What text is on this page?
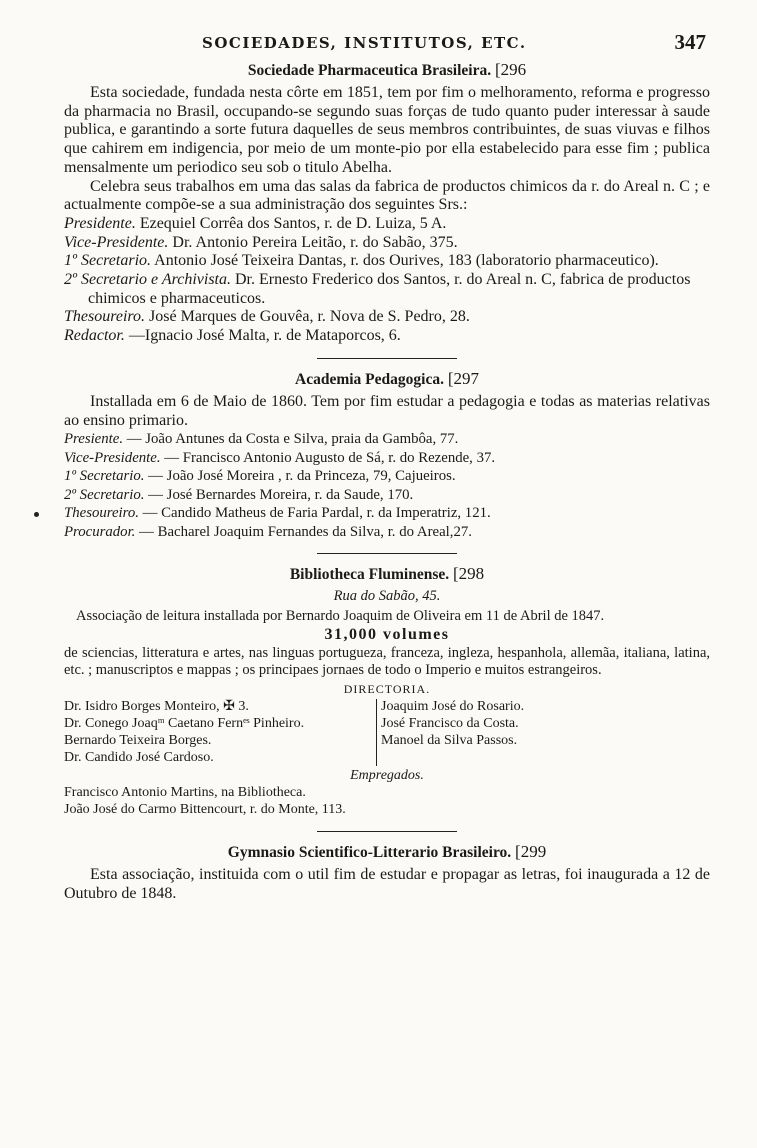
SOCIEDADES, INSTITUTOS, ETC.	347
Sociedade Pharmaceutica Brasileira. [296

Esta sociedade, fundada nesta côrte em 1851, tem por fim o melhoramento, reforma e progresso da pharmacia no Brasil, occupando-se segundo suas forças de tudo quanto puder interessar à saude publica, e garantindo a sorte futura daquelles de seus membros contribuintes, de suas viuvas e filhos que cahirem em indigencia, por meio de um monte-pio por ella estabelecido para esse fim ; publica mensalmente um periodico seu sob o titulo Abelha.

Celebra seus trabalhos em uma das salas da fabrica de productos chimicos da r. do Areal n. C ; e actualmente compõe-se a sua administração dos seguintes Srs.:

Presidente. Ezequiel Corrêa dos Santos, r. de D. Luiza, 5 A.

Vice-Presidente. Dr. Antonio Pereira Leitão, r. do Sabão, 375.

1º Secretario. Antonio José Teixeira Dantas, r. dos Ourives, 183 (laboratorio pharmaceutico).

2º Secretario e Archivista. Dr. Ernesto Frederico dos Santos, r. do Areal n. C, fabrica de productos chimicos e pharmaceuticos.

Thesoureiro. José Marques de Gouvêa, r. Nova de S. Pedro, 28.

Redactor. —Ignacio José Malta, r. de Mataporcos, 6.

Academia Pedagogica. [297

Installada em 6 de Maio de 1860. Tem por fim estudar a pedagogia e todas as materias relativas ao ensino primario.

Presiente. — João Antunes da Costa e Silva, praia da Gambôa, 77.

Vice-Presidente. — Francisco Antonio Augusto de Sá, r. do Rezende, 37.

1º Secretario. — João José Moreira , r. da Princeza, 79, Cajueiros.

2º Secretario. — José Bernardes Moreira, r. da Saude, 170.

Thesoureiro. — Candido Matheus de Faria Pardal, r. da Imperatriz, 121.

Procurador. — Bacharel Joaquim Fernandes da Silva, r. do Areal,27.

Bibliotheca Fluminense. [298

Rua do Sabão, 45.

Associação de leitura installada por Bernardo Joaquim de Oliveira em 11 de Abril de 1847.

31,000 volumes

de sciencias, litteratura e artes, nas linguas portugueza, franceza, ingleza, hespanhola, allemãa, italiana, latina, etc. ; manuscriptos e mappas ; os principaes jornaes de todo o Imperio e muitos estrangeiros.

DIRECTORIA.
Dr. Isidro Borges Monteiro, ✠ 3.
Dr. Conego Joaqᵐ Caetano Fernᵉˢ Pinheiro.
Bernardo Teixeira Borges.
Dr. Candido José Cardoso.
Joaquim José do Rosario.
José Francisco da Costa.
Manoel da Silva Passos.
Empregados.
Francisco Antonio Martins, na Bibliotheca.
João José do Carmo Bittencourt, r. do Monte, 113.
Gymnasio Scientifico-Litterario Brasileiro. [299

Esta associação, instituida com o util fim de estudar e propagar as letras, foi inaugurada a 12 de Outubro de 1848.
